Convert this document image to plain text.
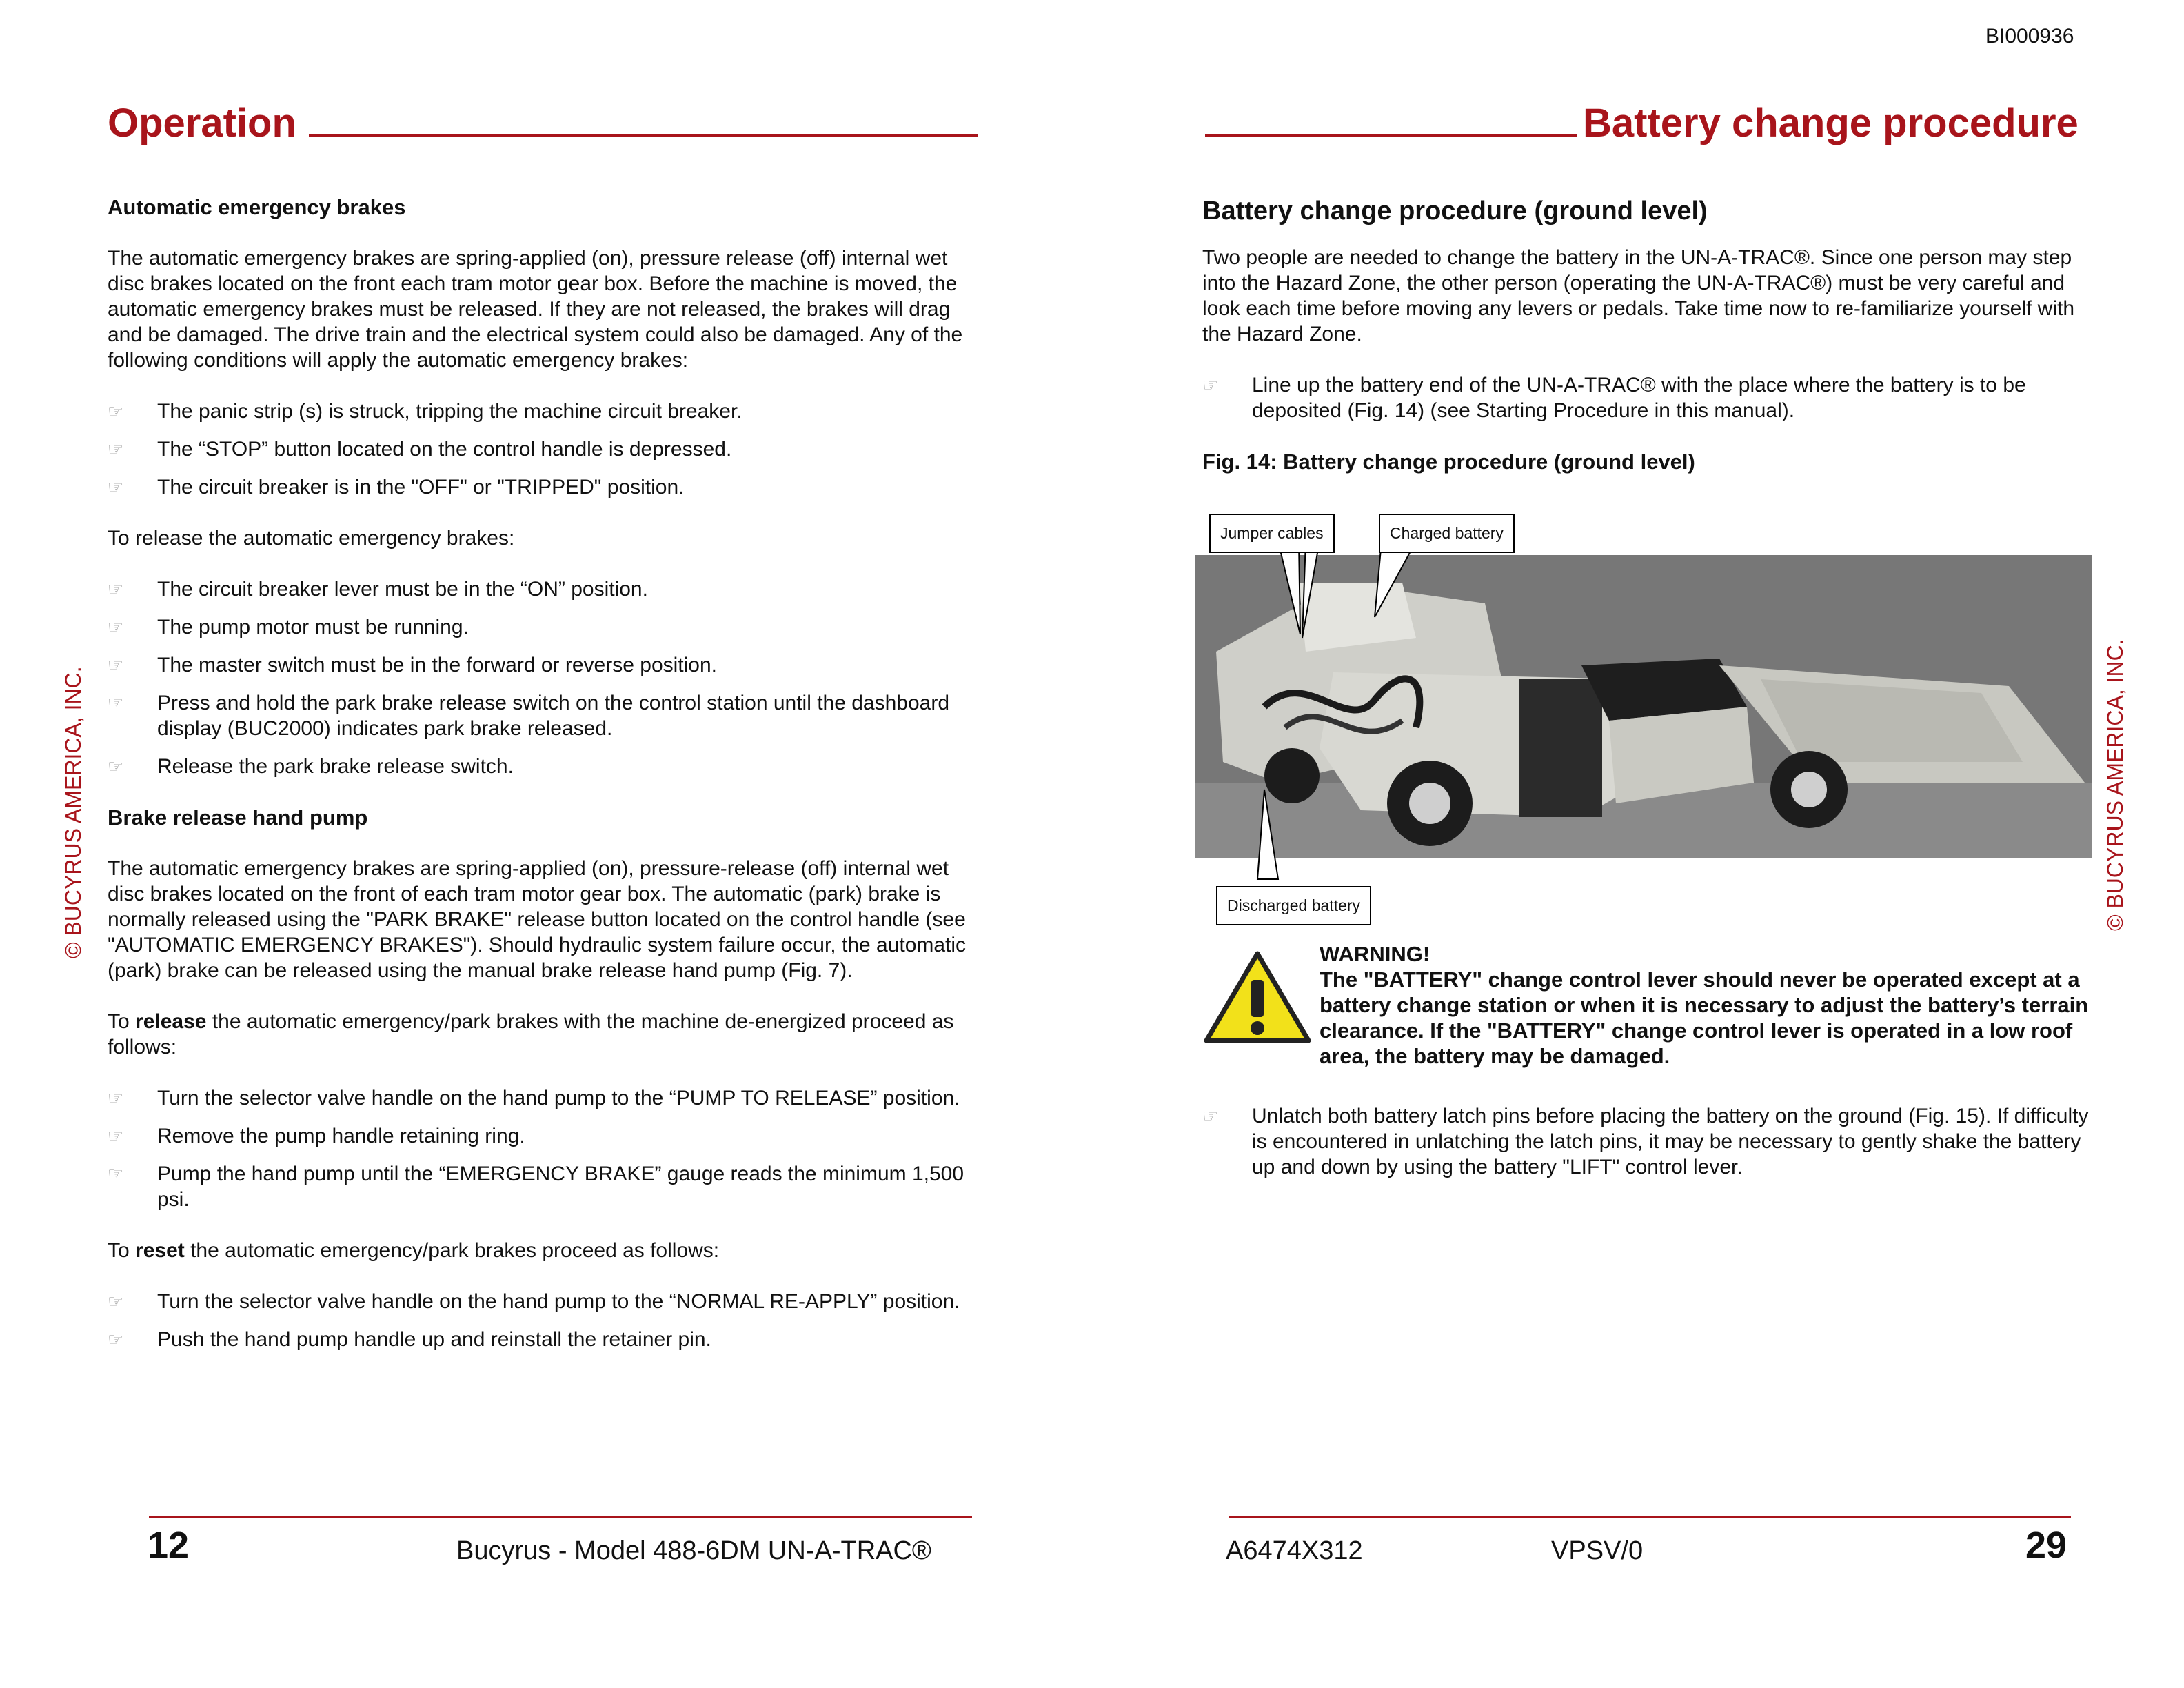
BI000936
Operation	Battery change procedure
© BUCYRUS AMERICA, INC.	© BUCYRUS AMERICA, INC.
Automatic emergency brakes

The automatic emergency brakes are spring-applied (on), pressure release (off) internal wet disc brakes located on the front each tram motor gear box. Before the machine is moved, the automatic emergency brakes must be released. If they are not released, the brakes will drag and be damaged. The drive train and the electrical system could also be damaged. Any of the following conditions will apply the automatic emergency brakes:

☞ The panic strip (s) is struck, tripping the machine circuit breaker.
☞ The “STOP” button located on the control handle is depressed.
☞ The circuit breaker is in the "OFF" or "TRIPPED" position.

To release the automatic emergency brakes:

☞ The circuit breaker lever must be in the “ON” position.
☞ The pump motor must be running.
☞ The master switch must be in the forward or reverse position.
☞ Press and hold the park brake release switch on the control station until the dashboard display (BUC2000) indicates park brake released.
☞ Release the park brake release switch.
Brake release hand pump

The automatic emergency brakes are spring-applied (on), pressure-release (off) internal wet disc brakes located on the front of each tram motor gear box. The automatic (park) brake is normally released using the "PARK BRAKE" release button located on the control handle (see "AUTOMATIC EMERGENCY BRAKES"). Should hydraulic system failure occur, the automatic (park) brake can be released using the manual brake release hand pump (Fig. 7).

To release the automatic emergency/park brakes with the machine de-energized proceed as follows:

☞ Turn the selector valve handle on the hand pump to the “PUMP TO RELEASE” position.
☞ Remove the pump handle retaining ring.
☞ Pump the hand pump until the “EMERGENCY BRAKE” gauge reads the minimum 1,500 psi.

To reset the automatic emergency/park brakes proceed as follows:

☞ Turn the selector valve handle on the hand pump to the “NORMAL RE-APPLY” position.
☞ Push the hand pump handle up and reinstall the retainer pin.
Battery change procedure (ground level)

Two people are needed to change the battery in the UN-A-TRAC®. Since one person may step into the Hazard Zone, the other person (operating the UN-A-TRAC®) must be very careful and look each time before moving any levers or pedals. Take time now to re-familiarize yourself with the Hazard Zone.

☞ Line up the battery end of the UN-A-TRAC® with the place where the battery is to be deposited (Fig. 14) (see Starting Procedure in this manual).
Fig. 14: Battery change procedure (ground level)
Jumper cables	Charged battery
Discharged battery
WARNING!
The "BATTERY" change control lever should never be operated except at a battery change station or when it is necessary to adjust the battery’s terrain clearance. If the "BATTERY" change control lever is operated in a low roof area, the battery may be damaged.
☞ Unlatch both battery latch pins before placing the battery on the ground (Fig. 15). If difficulty is encountered in unlatching the latch pins, it may be necessary to gently shake the battery up and down by using the battery "LIFT" control lever.
12	Bucyrus - Model 488-6DM UN-A-TRAC®	A6474X312	VPSV/0	29
